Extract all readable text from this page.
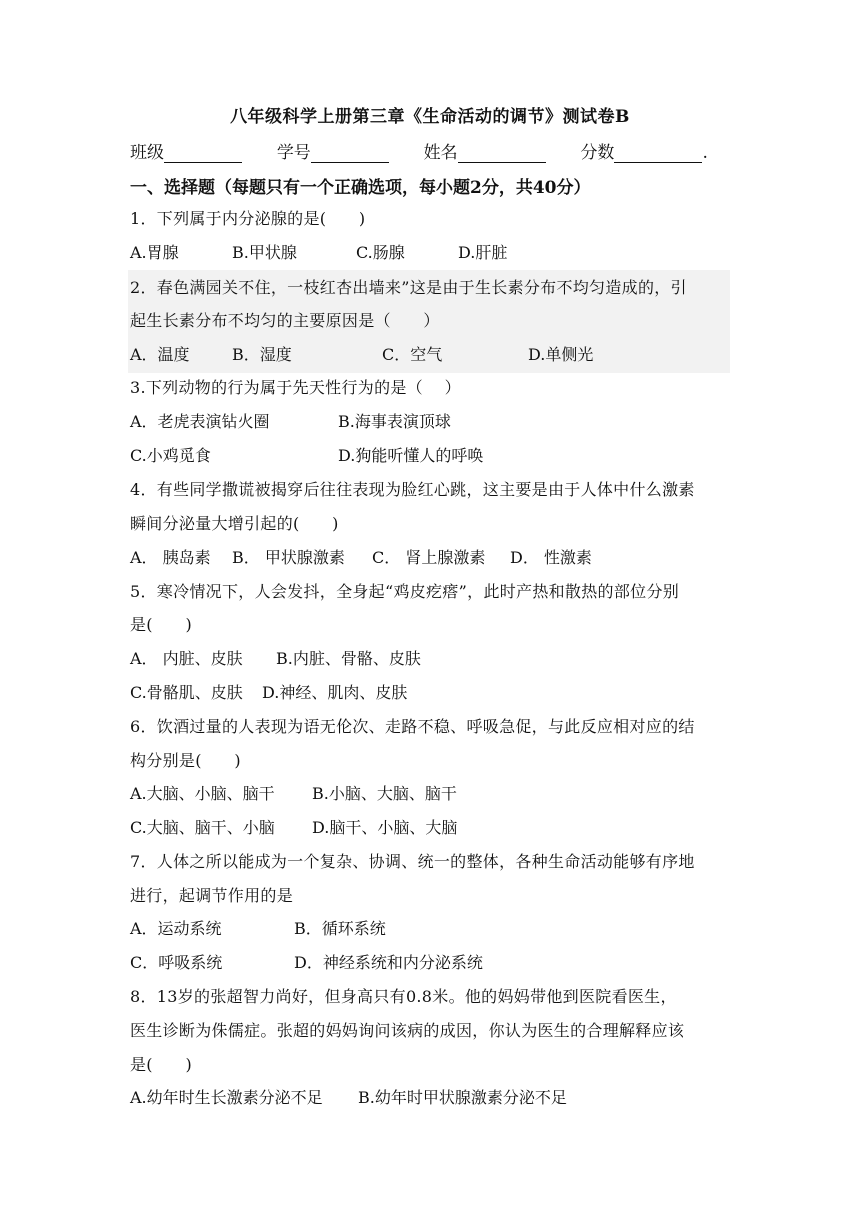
八年级科学上册第三章《生命活动的调节》测试卷B
班级	学号	姓名	分数	.
一、选择题（每题只有一个正确选项，每小题2分，共40分）
1．下列属于内分泌腺的是(　　)
A.胃腺	B.甲状腺	C.肠腺	D.肝脏
2．春色满园关不住，一枝红杏出墙来”这是由于生长素分布不均匀造成的，引
起生长素分布不均匀的主要原因是（　　）
A．温度	B．湿度	C．空气	D.单侧光
3.下列动物的行为属于先天性行为的是（　 ）
A．老虎表演钻火圈	B.海事表演顶球
C.小鸡觅食	D.狗能听懂人的呼唤
4．有些同学撒谎被揭穿后往往表现为脸红心跳，这主要是由于人体中什么激素
瞬间分泌量大增引起的(　　)
A． 胰岛素 B． 甲状腺激素 C． 肾上腺激素 D． 性激素
5．寒冷情况下，人会发抖，全身起“鸡皮疙瘩”，此时产热和散热的部位分别
是(　　)
A． 内脏、皮肤 B.内脏、骨骼、皮肤
C.骨骼肌、皮肤 D.神经、肌肉、皮肤
6．饮酒过量的人表现为语无伦次、走路不稳、呼吸急促，与此反应相对应的结
构分别是(　　)
A.大脑、小脑、脑干 B.小脑、大脑、脑干
C.大脑、脑干、小脑 D.脑干、小脑、大脑
7．人体之所以能成为一个复杂、协调、统一的整体，各种生命活动能够有序地
进行，起调节作用的是
A．运动系统	B．循环系统
C．呼吸系统	D．神经系统和内分泌系统
8．13岁的张超智力尚好，但身高只有0.8米。他的妈妈带他到医院看医生，
医生诊断为侏儒症。张超的妈妈询问该病的成因，你认为医生的合理解释应该
是(　　)
A.幼年时生长激素分泌不足 B.幼年时甲状腺激素分泌不足
